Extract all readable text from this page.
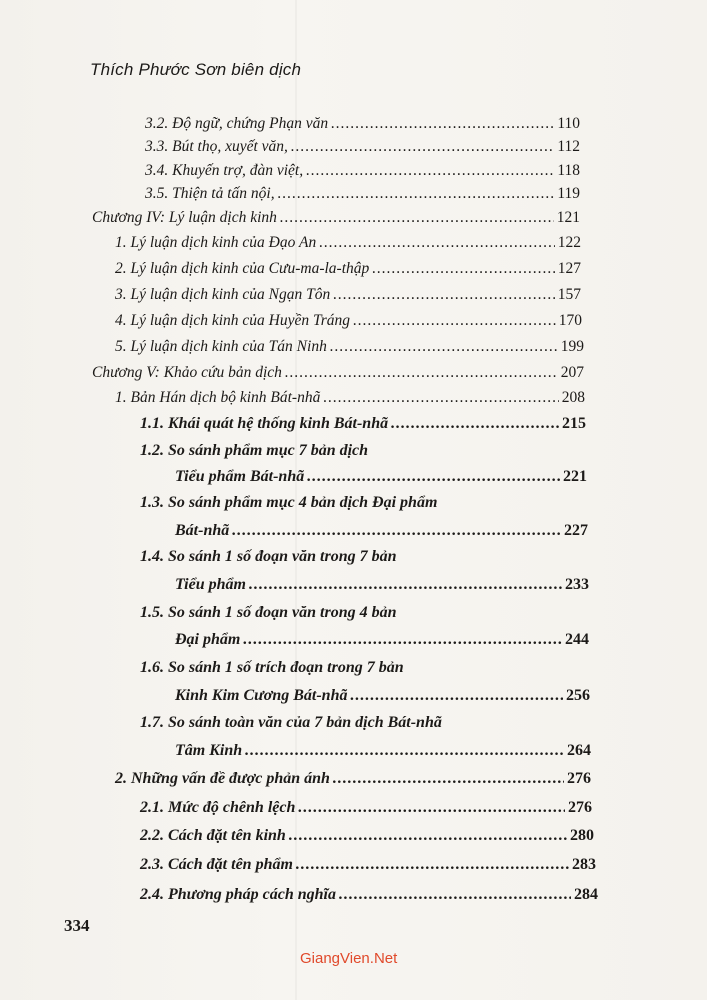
Thích Phước Sơn biên dịch
3.2. Độ ngữ, chứng Phạn văn .....	110
3.3. Bút thọ, xuyết văn, .....	112
3.4. Khuyến trợ, đàn việt, .....	118
3.5. Thiện tả tấn nội, .....	119
Chương IV: Lý luận dịch kinh .....	121
1. Lý luận dịch kinh của Đạo An .....	122
2. Lý luận dịch kinh của Cưu-ma-la-thập .....	127
3. Lý luận dịch kinh của Ngạn Tôn .....	157
4. Lý luận dịch kinh của Huyền Tráng .....	170
5. Lý luận dịch kinh của Tán Ninh .....	199
Chương V: Khảo cứu bản dịch .....	207
1. Bản Hán dịch bộ kinh Bát-nhã .....	208
1.1. Khái quát hệ thống kinh Bát-nhã .....	215
1.2. So sánh phẩm mục 7 bản dịch
Tiểu phẩm Bát-nhã .....	221
1.3. So sánh phẩm mục 4 bản dịch Đại phẩm
Bát-nhã .....	227
1.4. So sánh 1 số đoạn văn trong 7 bản
Tiểu phẩm .....	233
1.5. So sánh 1 số đoạn văn trong 4 bản
Đại phẩm .....	244
1.6. So sánh 1 số trích đoạn trong 7 bản
Kinh Kim Cương Bát-nhã .....	256
1.7. So sánh toàn văn của 7 bản dịch Bát-nhã
Tâm Kinh .....	264
2. Những vấn đề được phản ánh .....	276
2.1. Mức độ chênh lệch .....	276
2.2. Cách đặt tên kinh .....	280
2.3. Cách đặt tên phẩm .....	283
2.4. Phương pháp cách nghĩa .....	284
334
GiangVien.Net
